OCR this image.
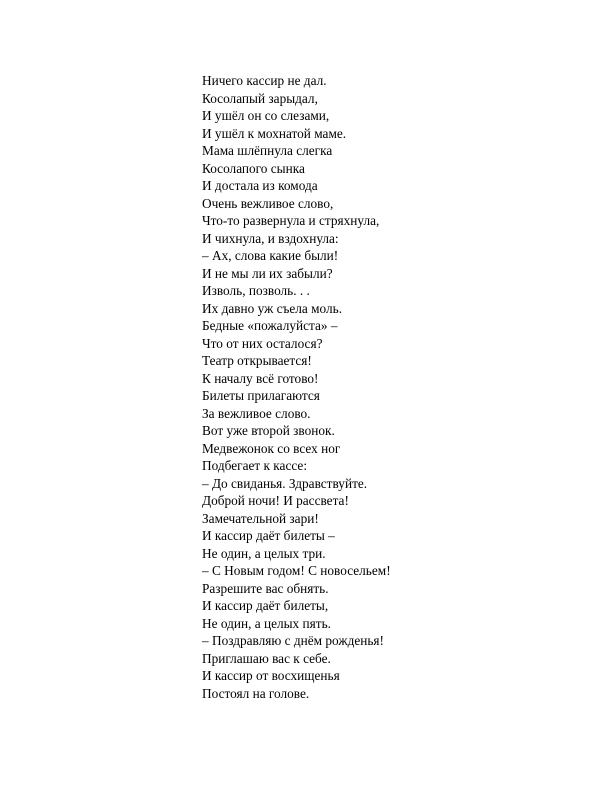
Ничего кассир не дал.
Косолапый зарыдал,
И ушёл он со слезами,
И ушёл к мохнатой маме.
Мама шлёпнула слегка
Косолапого сынка
И достала из комода
Очень вежливое слово,
Что-то развернула и стряхнула,
И чихнула, и вздохнула:
– Ах, слова какие были!
И не мы ли их забыли?
Изволь, позволь. . .
Их давно уж съела моль.
Бедные «пожалуйста» –
Что от них осталося?
Театр открывается!
К началу всё готово!
Билеты прилагаются
За вежливое слово.
Вот уже второй звонок.
Медвежонок со всех ног
Подбегает к кассе:
– До свиданья. Здравствуйте.
Доброй ночи! И рассвета!
Замечательной зари!
И кассир даёт билеты –
Не один, а целых три.
– С Новым годом! С новосельем!
Разрешите вас обнять.
И кассир даёт билеты,
Не один, а целых пять.
– Поздравляю с днём рожденья!
Приглашаю вас к себе.
И кассир от восхищенья
Постоял на голове.
